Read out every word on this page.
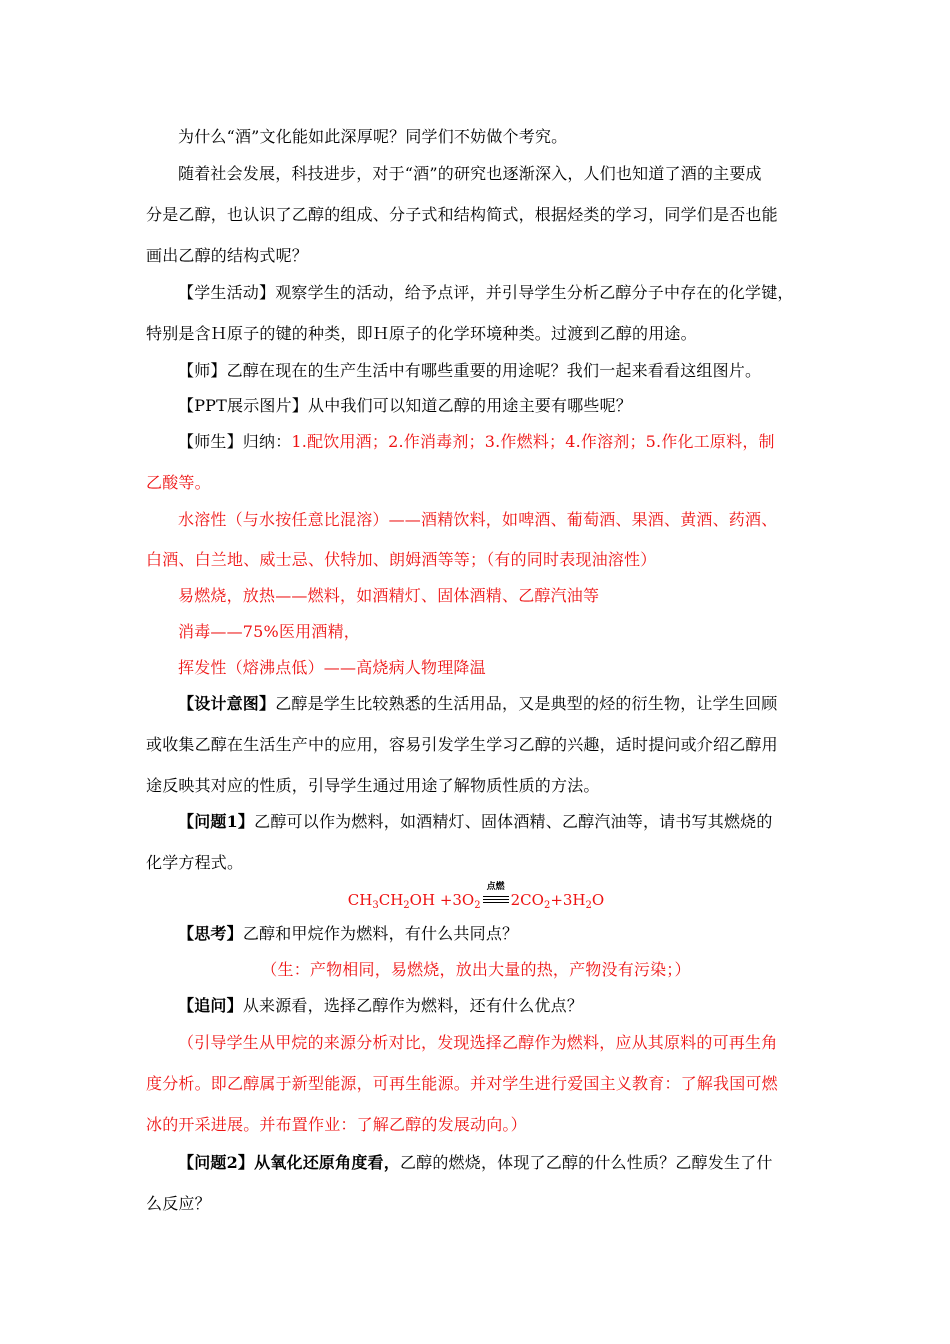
为什么“酒”文化能如此深厚呢？同学们不妨做个考究。
随着社会发展，科技进步，对于“酒”的研究也逐渐深入，人们也知道了酒的主要成
分是乙醇，也认识了乙醇的组成、分子式和结构简式，根据烃类的学习，同学们是否也能
画出乙醇的结构式呢？
【学生活动】观察学生的活动，给予点评，并引导学生分析乙醇分子中存在的化学键，
特别是含Ｈ原子的键的种类，即Ｈ原子的化学环境种类。过渡到乙醇的用途。
【师】乙醇在现在的生产生活中有哪些重要的用途呢？我们一起来看看这组图片。
【PPT展示图片】从中我们可以知道乙醇的用途主要有哪些呢？
【师生】归纳：1.配饮用酒；2.作消毒剂；3.作燃料；4.作溶剂；5.作化工原料，制
乙酸等。
水溶性（与水按任意比混溶）——酒精饮料，如啤酒、葡萄酒、果酒、黄酒、药酒、
白酒、白兰地、威士忌、伏特加、朗姆酒等等；（有的同时表现油溶性）
易燃烧，放热——燃料，如酒精灯、固体酒精、乙醇汽油等
消毒——75%医用酒精，
挥发性（熔沸点低）——高烧病人物理降温
【设计意图】乙醇是学生比较熟悉的生活用品，又是典型的烃的衍生物，让学生回顾
或收集乙醇在生活生产中的应用，容易引发学生学习乙醇的兴趣，适时提问或介绍乙醇用
途反映其对应的性质，引导学生通过用途了解物质性质的方法。
【问题1】乙醇可以作为燃料，如酒精灯、固体酒精、乙醇汽油等，请书写其燃烧的
化学方程式。
$CH_3CH_2OH +3O_2$
点燃
$2CO_2+3H_2O$
【思考】乙醇和甲烷作为燃料，有什么共同点？
（生：产物相同，易燃烧，放出大量的热，产物没有污染；）
【追问】从来源看，选择乙醇作为燃料，还有什么优点？
（引导学生从甲烷的来源分析对比，发现选择乙醇作为燃料，应从其原料的可再生角
度分析。即乙醇属于新型能源，可再生能源。并对学生进行爱国主义教育：了解我国可燃
冰的开采进展。并布置作业：了解乙醇的发展动向。）
【问题2】从氧化还原角度看，乙醇的燃烧，体现了乙醇的什么性质？乙醇发生了什
么反应？
